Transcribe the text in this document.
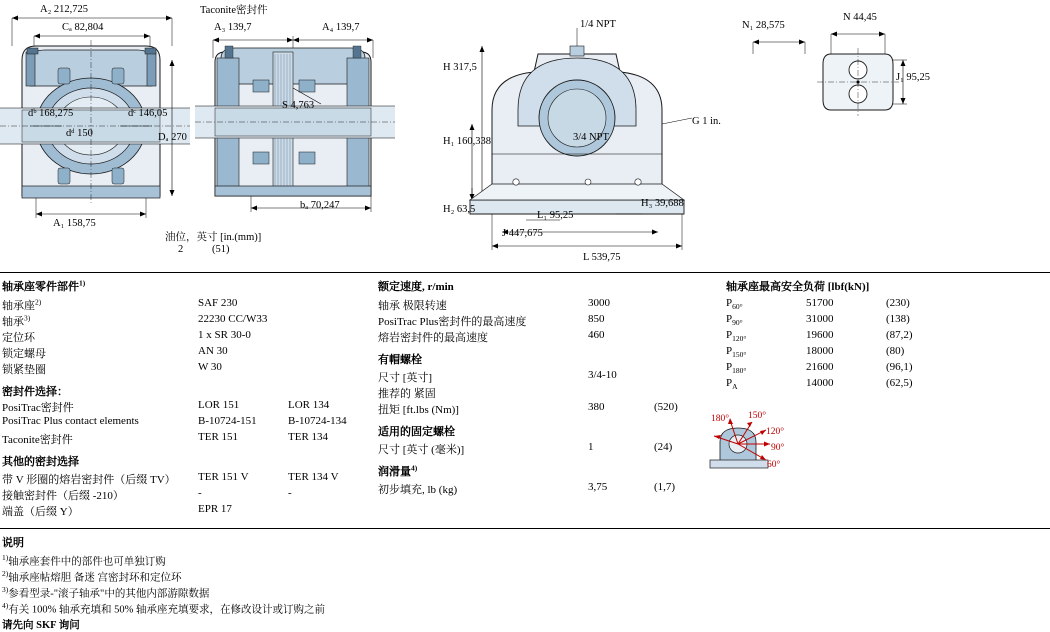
A₂ 212,725
Cₐ 82,804
dᵇ 168,275
dᵈ 150
dᶜ 146,05
Dₐ 270
A₁ 158,75
Taconite密封件
A₃ 139,7	A₄ 139,7
S 4,763
bₐ 70,247
油位，英寸 [in.(mm)]
2	(51)
1/4 NPT
H 317,5
H₁ 160,338	3/4 NPT
H₂ 63,5
H₃ 39,688
L₁ 95,25
J 447,675
L 539,75
G 1 in.
N₁ 28,575
N 44,45
J₁ 95,25
轴承座零件部件$^{1)}$
轴承座$^{2)}$	SAF 230
轴承$^{3)}$	22230 CC/W33
定位环	1 x SR 30-0
锁定螺母	AN 30
锁紧垫圈	W 30
密封件选择：
PosiTrac密封件	LOR 151	LOR 134
PosiTrac Plus contact elements	B-10724-151	B-10724-134
Taconite密封件	TER 151	TER 134
其他的密封选择
带 V 形圈的熔岩密封件（后缀 TV） TER 151 V	TER 134 V
接触密封件（后缀 -210）	-	-
端盖（后缀 Y）	EPR 17
额定速度, r/min
轴承 极限转速	3000
PosiTrac Plus密封件的最高速度	850
熔岩密封件的最高速度	460
有帽螺栓
尺寸 [英寸]	3/4-10
推荐的 紧固
扭矩 [ft.lbs (Nm)]	380	(520)
适用的固定螺栓
尺寸 [英寸 (毫米)]	1	(24)
润滑量$^{4)}$
初步填充, lb (kg)	3,75	(1,7)
轴承座最高安全负荷 [lbf(kN)]
$P_{60^\circ}$	51700	(230)
$P_{90^\circ}$	31000	(138)
$P_{120^\circ}$	19600	(87,2)
$P_{150^\circ}$	18000	(80)
$P_{180^\circ}$	21600	(96,1)
$P_A$	14000	(62,5)
180° 150°
120°
90°
60°
说明
$^{1)}$轴承座套件中的部件也可单独订购
$^{2)}$轴承座帖熔胆 备迷 宫密封环和定位环
$^{3)}$参看型录-"滚子轴承"中的其他内部游隙数据
$^{4)}$有关 100% 轴承充填和 50% 轴承座充填要求，在修改设计或订购之前
请先向 SKF 询问
